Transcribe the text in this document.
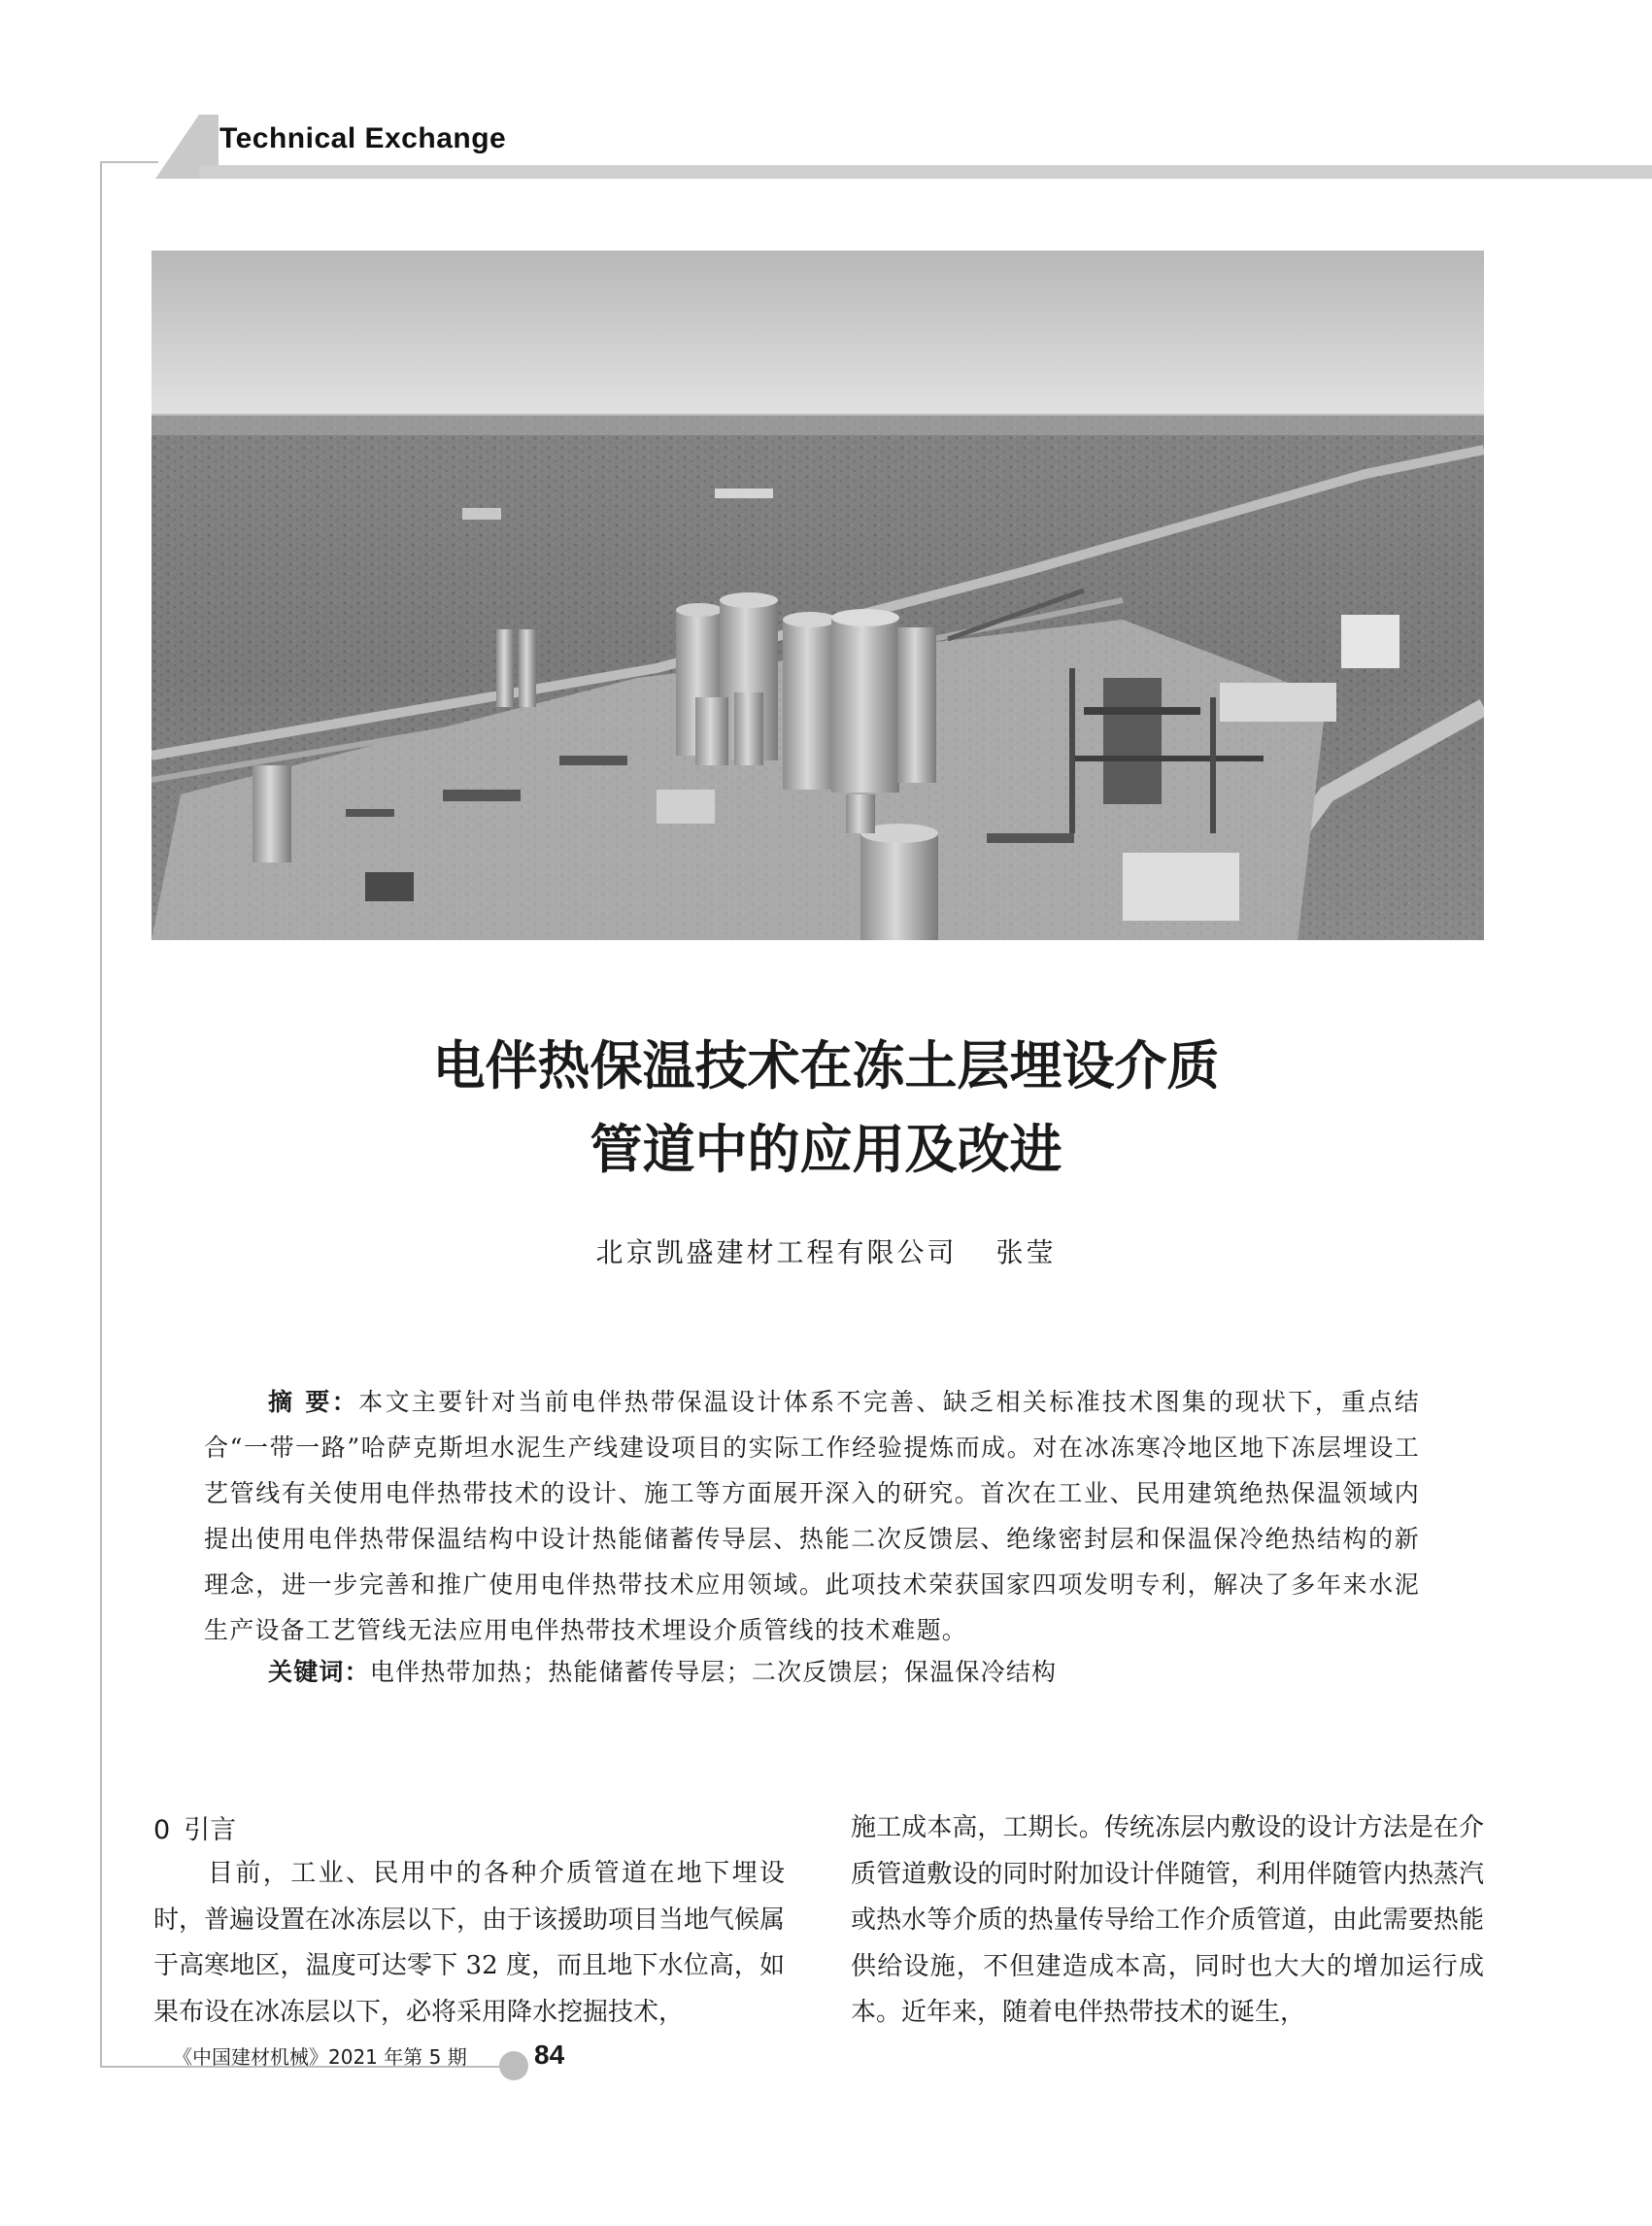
Technical Exchange
电伴热保温技术在冻土层埋设介质
管道中的应用及改进
北京凯盛建材工程有限公司 张莹

摘 要：本文主要针对当前电伴热带保温设计体系不完善、缺乏相关标准技术图集的现状下，重点结合“一带一路”哈萨克斯坦水泥生产线建设项目的实际工作经验提炼而成。对在冰冻寒冷地区地下冻层埋设工艺管线有关使用电伴热带技术的设计、施工等方面展开深入的研究。首次在工业、民用建筑绝热保温领域内提出使用电伴热带保温结构中设计热能储蓄传导层、热能二次反馈层、绝缘密封层和保温保冷绝热结构的新理念，进一步完善和推广使用电伴热带技术应用领域。此项技术荣获国家四项发明专利，解决了多年来水泥生产设备工艺管线无法应用电伴热带技术埋设介质管线的技术难题。

关键词：电伴热带加热；热能储蓄传导层；二次反馈层；保温保冷结构
0 引言

目前，工业、民用中的各种介质管道在地下埋设时，普遍设置在冰冻层以下，由于该援助项目当地气候属于高寒地区，温度可达零下 32 度，而且地下水位高，如果布设在冰冻层以下，必将采用降水挖掘技术，

施工成本高，工期长。传统冻层内敷设的设计方法是在介质管道敷设的同时附加设计伴随管，利用伴随管内热蒸汽或热水等介质的热量传导给工作介质管道，由此需要热能供给设施，不但建造成本高，同时也大大的增加运行成本。近年来，随着电伴热带技术的诞生，

《中国建材机械》2021 年第 5 期 84
